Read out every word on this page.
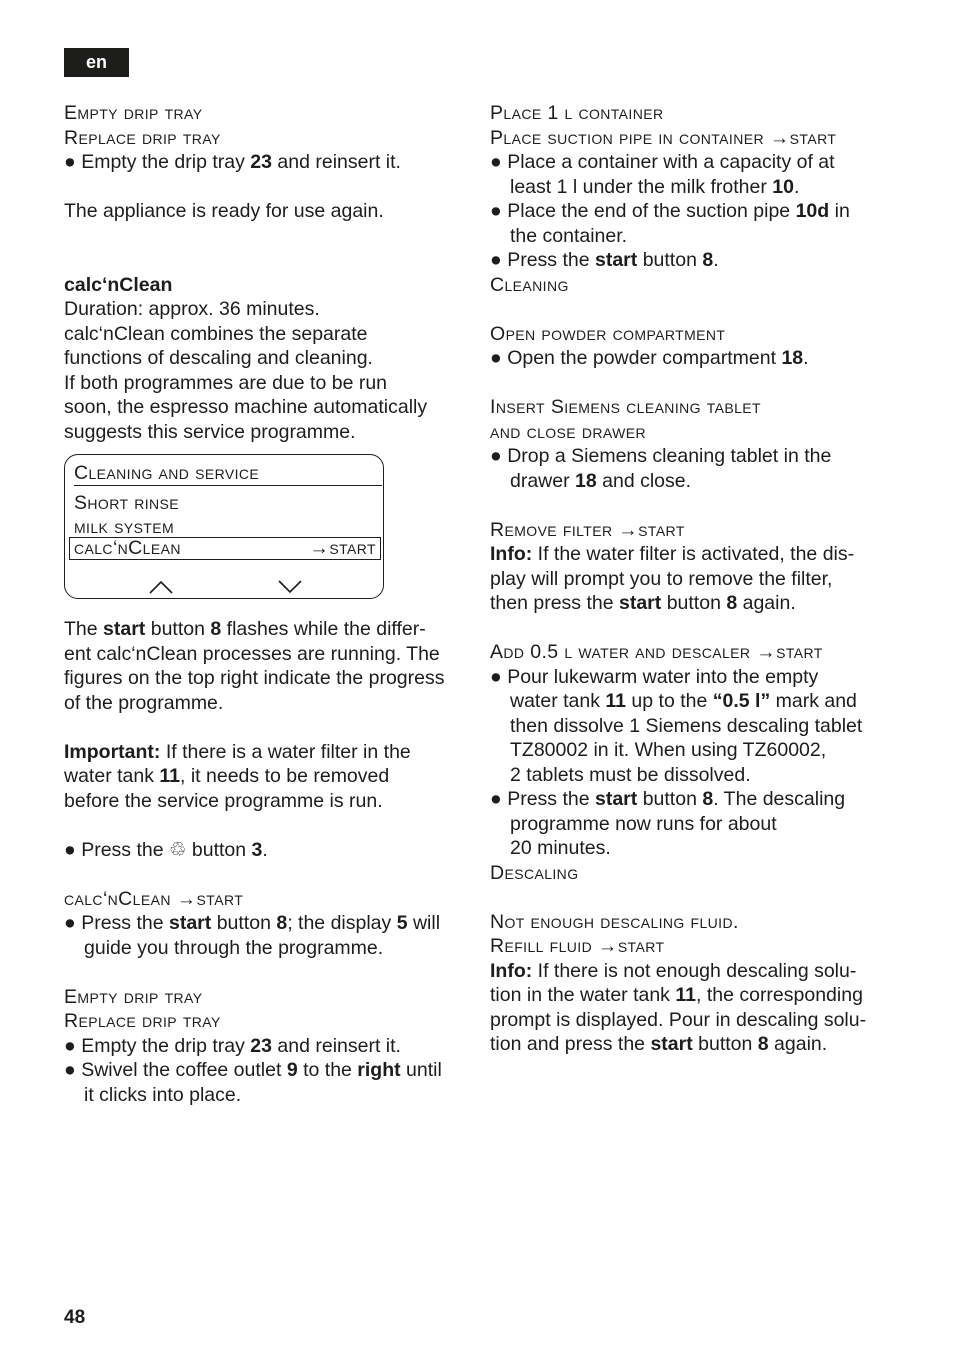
en
Empty drip tray
Replace drip tray
● Empty the drip tray 23 and reinsert it.
The appliance is ready for use again.
calc‘nClean
Duration: approx. 36 minutes.
calc‘nClean combines the separate
functions of descaling and cleaning.
If both programmes are due to be run
soon, the espresso machine automatically
suggests this service programme.
Cleaning and service
Short rinse
milk system
calc‘nClean	→start
The start button 8 flashes while the differ-
ent calc‘nClean processes are running. The
figures on the top right indicate the progress
of the programme.
Important: If there is a water filter in the
water tank 11, it needs to be removed
before the service programme is run.
● Press the ♲ button 3.
calc‘nClean →start
● Press the start button 8; the display 5 will
guide you through the programme.
Empty drip tray
Replace drip tray
● Empty the drip tray 23 and reinsert it.
● Swivel the coffee outlet 9 to the right until
it clicks into place.
Place 1 l container
Place suction pipe in container →start
● Place a container with a capacity of at
least 1 l under the milk frother 10.
● Place the end of the suction pipe 10d in
the container.
● Press the start button 8.
Cleaning
Open powder compartment
● Open the powder compartment 18.
Insert Siemens cleaning tablet
and close drawer
● Drop a Siemens cleaning tablet in the
drawer 18 and close.
Remove filter →start
Info: If the water filter is activated, the dis-
play will prompt you to remove the filter,
then press the start button 8 again.
Add 0.5 l water and descaler →start
● Pour lukewarm water into the empty
water tank 11 up to the “0.5 l” mark and
then dissolve 1 Siemens descaling tablet
TZ80002 in it. When using TZ60002,
2 tablets must be dissolved.
● Press the start button 8. The descaling
programme now runs for about
20 minutes.
Descaling
Not enough descaling fluid.
Refill fluid →start
Info: If there is not enough descaling solu-
tion in the water tank 11, the corresponding
prompt is displayed. Pour in descaling solu-
tion and press the start button 8 again.
48
